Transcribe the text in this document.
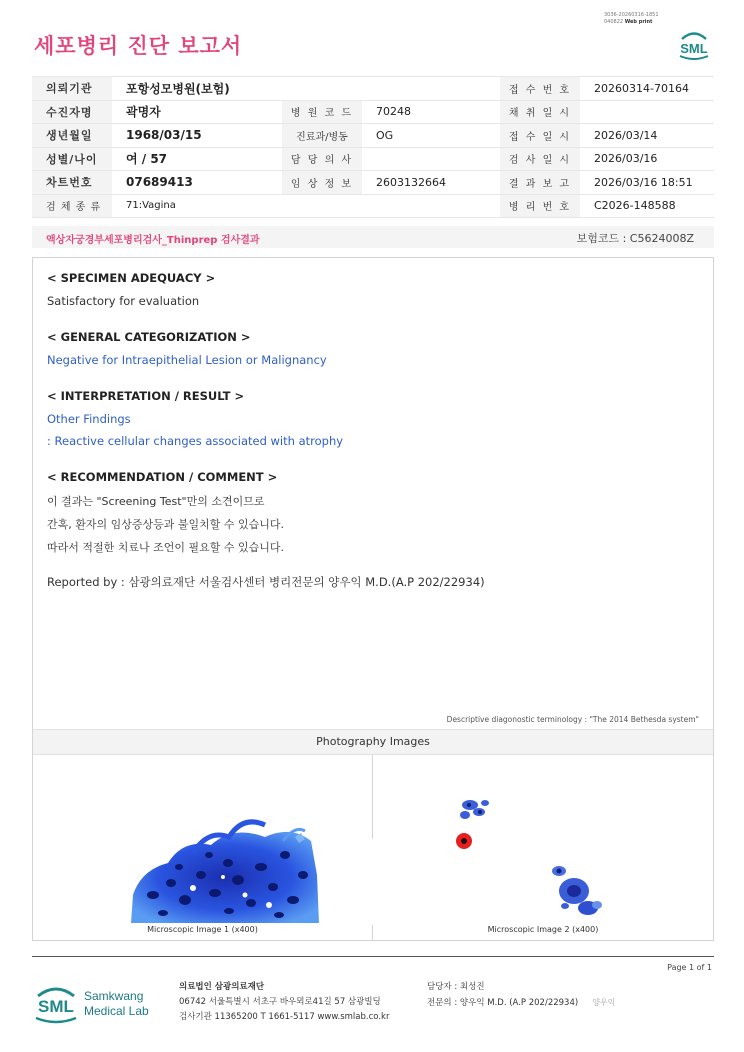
3036-20260316-1851
040822 Web print
세포병리 진단 보고서	SML
의뢰기관	포항성모병원(보험)			접 수 번 호	20260314-70164
수진자명	곽명자	병 원 코 드	70248	채 취 일 시	
생년월일	1968/03/15	진료과/병동	OG	접 수 일 시	2026/03/14
성별/나이	여 / 57	담 당 의 사		검 사 일 시	2026/03/16
차트번호	07689413	임 상 정 보	2603132664	결 과 보 고	2026/03/16 18:51
검 체 종 류	71:Vagina			병 리 번 호	C2026-148588
액상자궁경부세포병리검사_Thinprep 검사결과	보험코드 : C5624008Z
< SPECIMEN ADEQUACY >
Satisfactory for evaluation
< GENERAL CATEGORIZATION >
Negative for Intraepithelial Lesion or Malignancy
< INTERPRETATION / RESULT >
Other Findings
: Reactive cellular changes associated with atrophy
< RECOMMENDATION / COMMENT >
이 결과는 "Screening Test"만의 소견이므로
간혹, 환자의 임상증상등과 불일치할 수 있습니다.
따라서 적절한 치료나 조언이 필요할 수 있습니다.
Reported by : 삼광의료재단 서울검사센터 병리전문의 양우익 M.D.(A.P 202/22934)
Descriptive diagonostic terminology : "The 2014 Bethesda system"
Photography Images
Microscopic Image 1 (x400)	Microscopic Image 2 (x400)
Page 1 of 1
SML
Samkwang
Medical Lab
의료법인 삼광의료재단
06742 서울특별시 서초구 바우뫼로41길 57 삼광빌딩
검사기관 11365200 T 1661-5117 www.smlab.co.kr
담당자 : 최성진
전문의 : 양우익 M.D. (A.P 202/22934) 양우익
